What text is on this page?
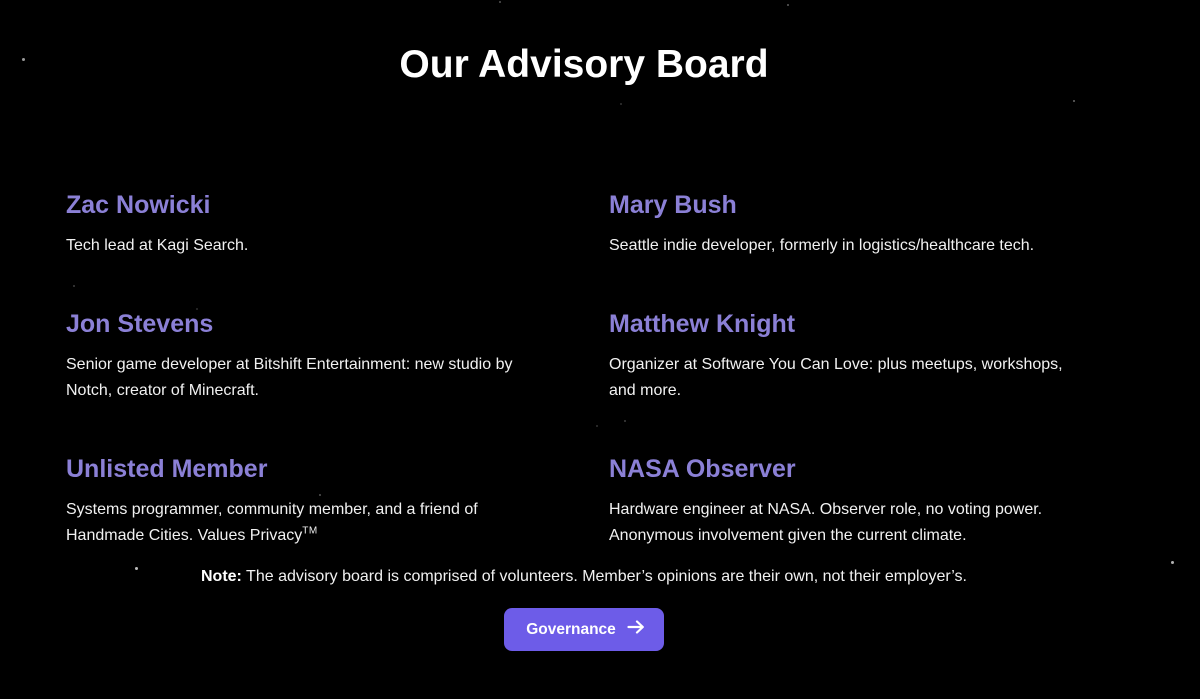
Our Advisory Board
Zac Nowicki

Tech lead at Kagi Search.

Mary Bush

Seattle indie developer, formerly in logistics/healthcare tech.

Jon Stevens

Senior game developer at Bitshift Entertainment: new studio by
Notch, creator of Minecraft.

Matthew Knight

Organizer at Software You Can Love: plus meetups, workshops,
and more.

Unlisted Member

Systems programmer, community member, and a friend of
Handmade Cities. Values Privacy™

NASA Observer

Hardware engineer at NASA. Observer role, no voting power.
Anonymous involvement given the current climate.

Note: The advisory board is comprised of volunteers. Member’s opinions are their own, not their employer’s.

Governance
